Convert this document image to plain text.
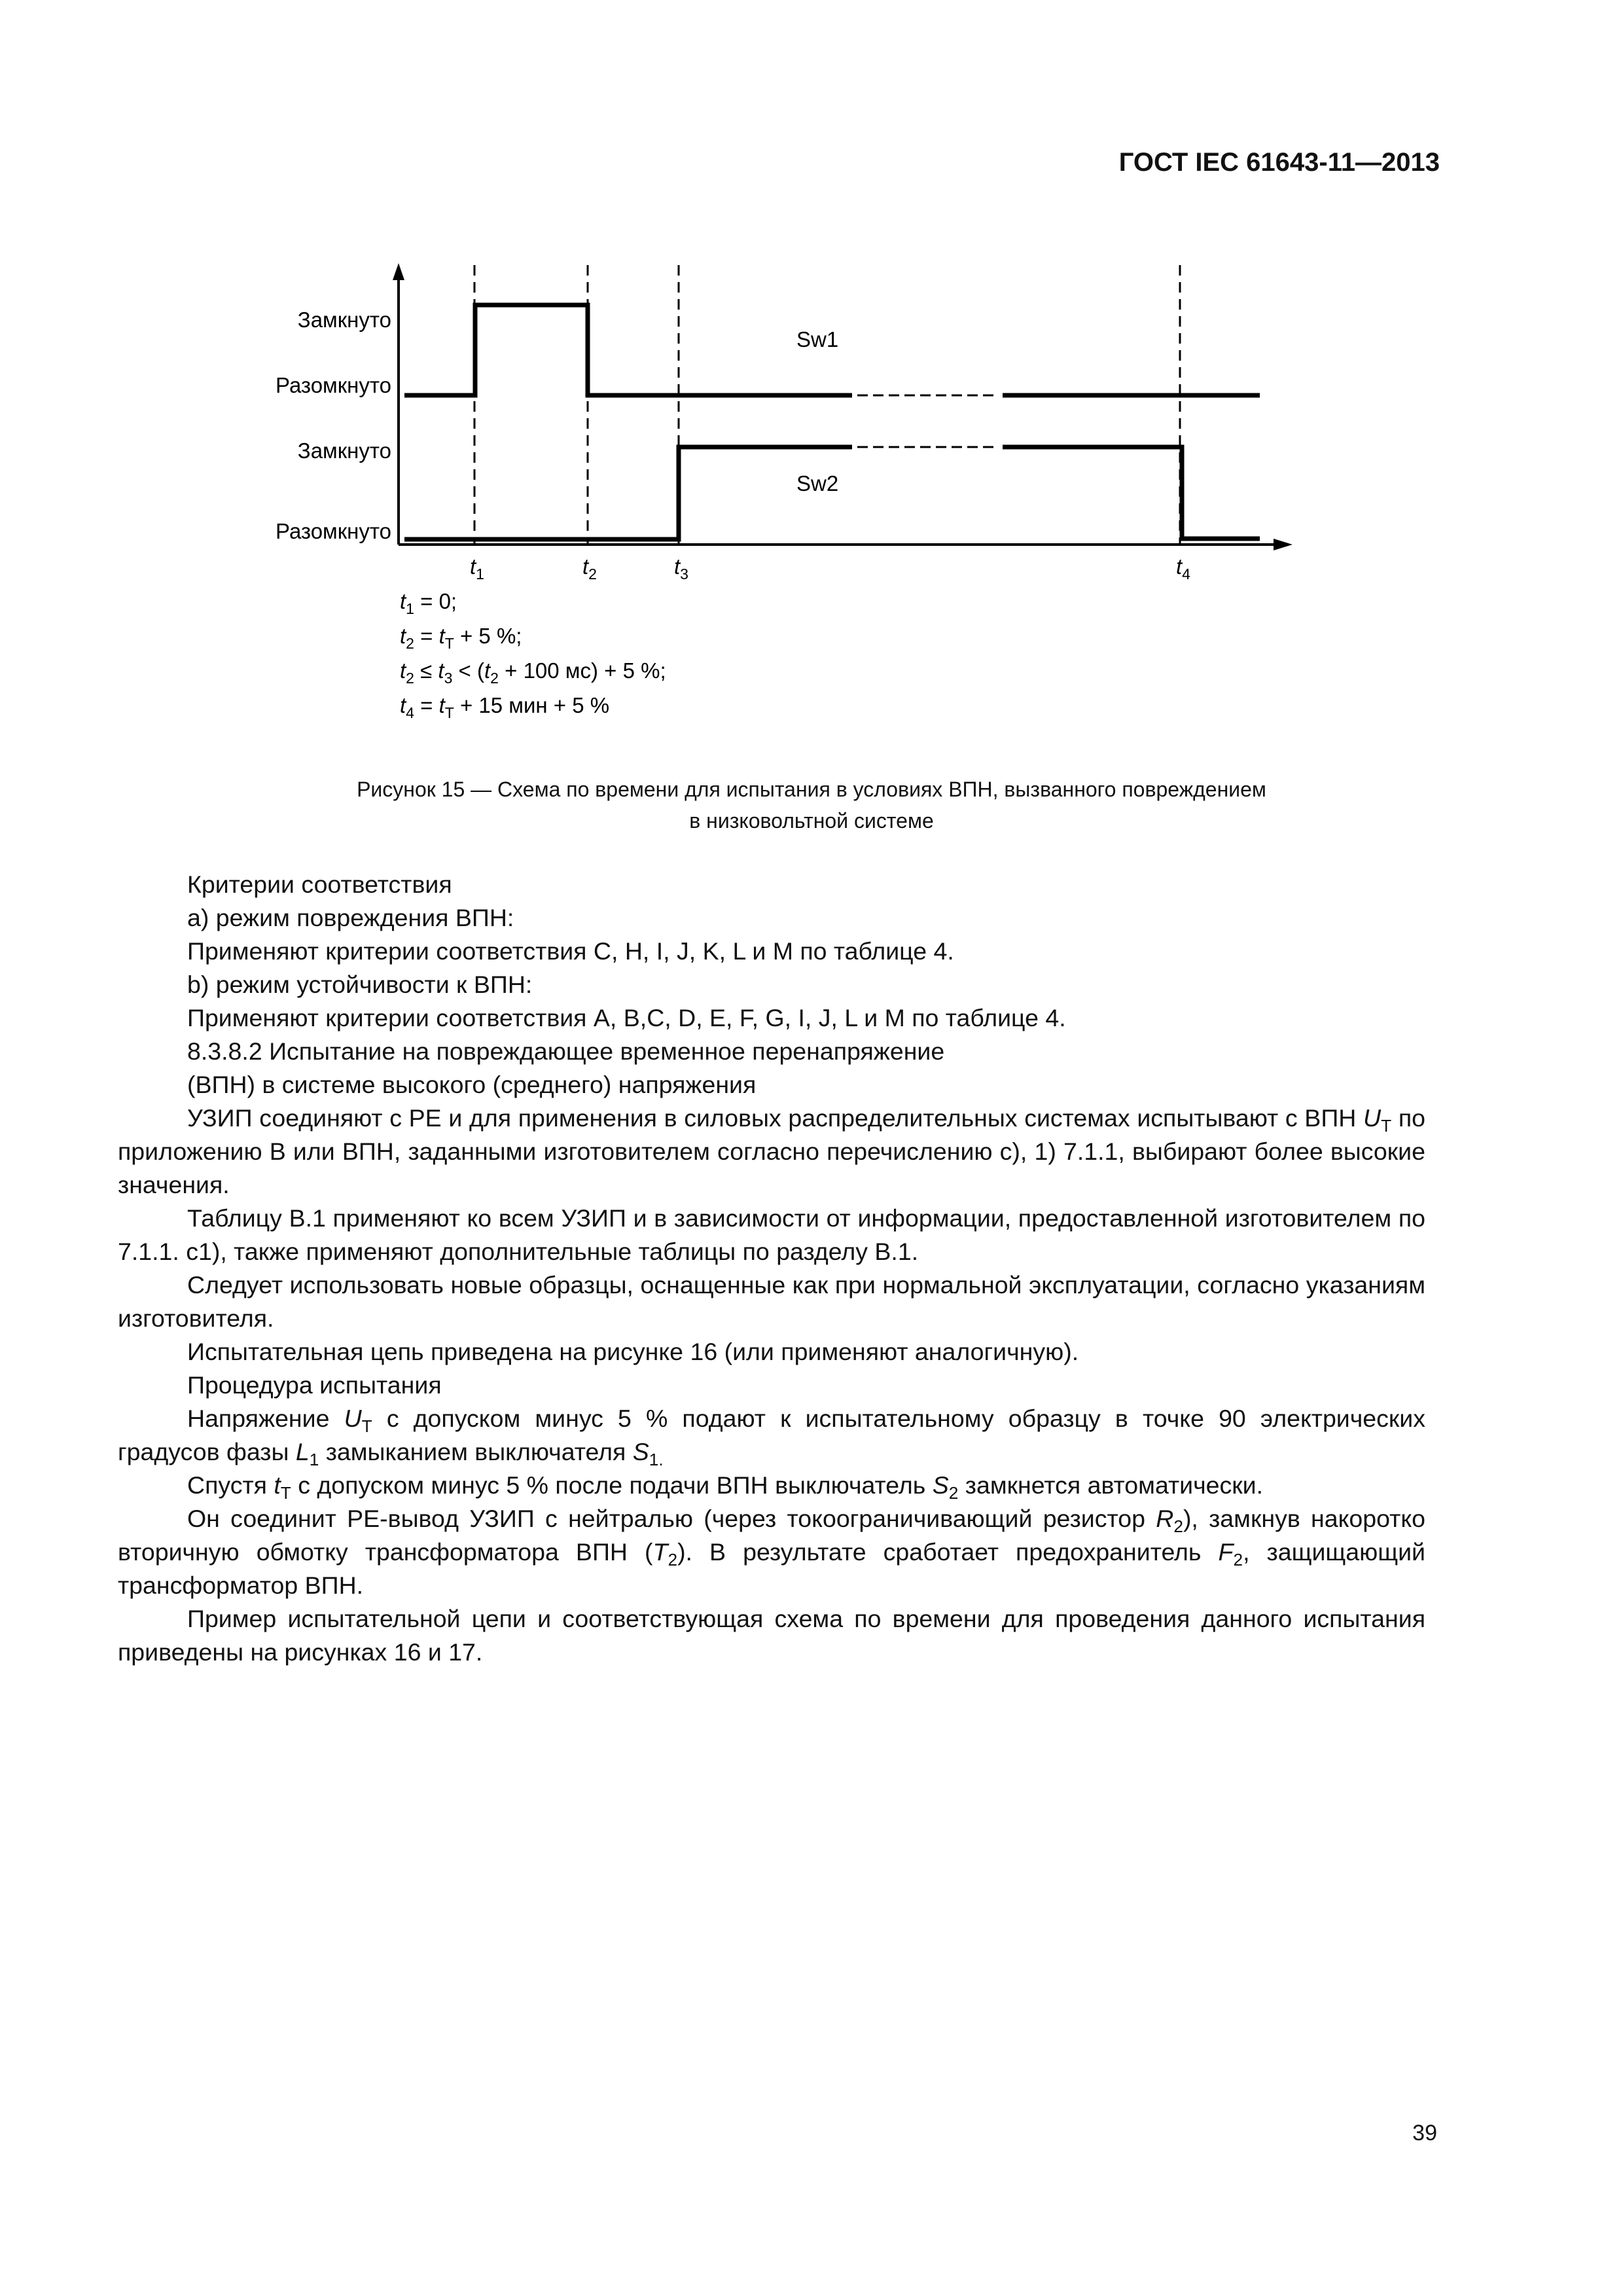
ГОСТ IEC 61643-11—2013
Замкнуто
Разомкнуто
Замкнуто
Разомкнуто
Sw1
Sw2
$t_1$	$t_2$	$t_3$	$t_4$
$t_1 = 0$;
$t_2 = t_T + 5$ %;
$t_2 \le t_3 < (t_2 + 100$ мс) + 5 %;
$t_4 = t_T + 15$ мин + 5 %
Рисунок 15 — Схема по времени для испытания в условиях ВПН, вызванного повреждением
в низковольтной системе

Критерии соответствия

а) режим повреждения ВПН:

Применяют критерии соответствия С, H, I, J, K, L и М по таблице 4.

b) режим устойчивости к ВПН:

Применяют критерии соответствия A, B,C, D, E, F, G, I, J, L и М по таблице 4.

8.3.8.2 Испытание на повреждающее временное перенапряжение

(ВПН) в системе высокого (среднего) напряжения

УЗИП соединяют с РЕ и для применения в силовых распределительных системах испытывают с ВПН $U_T$ по приложению В или ВПН, заданными изготовителем согласно перечислению с), 1) 7.1.1, выбирают более высокие значения.

Таблицу В.1 применяют ко всем УЗИП и в зависимости от информации, предоставленной изготовителем по 7.1.1. с1), также применяют дополнительные таблицы по разделу В.1.

Следует использовать новые образцы, оснащенные как при нормальной эксплуатации, согласно указаниям изготовителя.

Испытательная цепь приведена на рисунке 16 (или применяют аналогичную).

Процедура испытания

Напряжение $U_T$ с допуском минус 5 % подают к испытательному образцу в точке 90 электрических градусов фазы $L_1$ замыканием выключателя $S_{1.}$

Спустя $t_T$ с допуском минус 5 % после подачи ВПН выключатель $S_2$ замкнется автоматически.

Он соединит PE-вывод УЗИП с нейтралью (через токоограничивающий резистор $R_2$), замкнув накоротко вторичную обмотку трансформатора ВПН $(T_2)$. В результате сработает предохранитель $F_2$, защищающий трансформатор ВПН.

Пример испытательной цепи и соответствующая схема по времени для проведения данного испытания приведены на рисунках 16 и 17.

39
